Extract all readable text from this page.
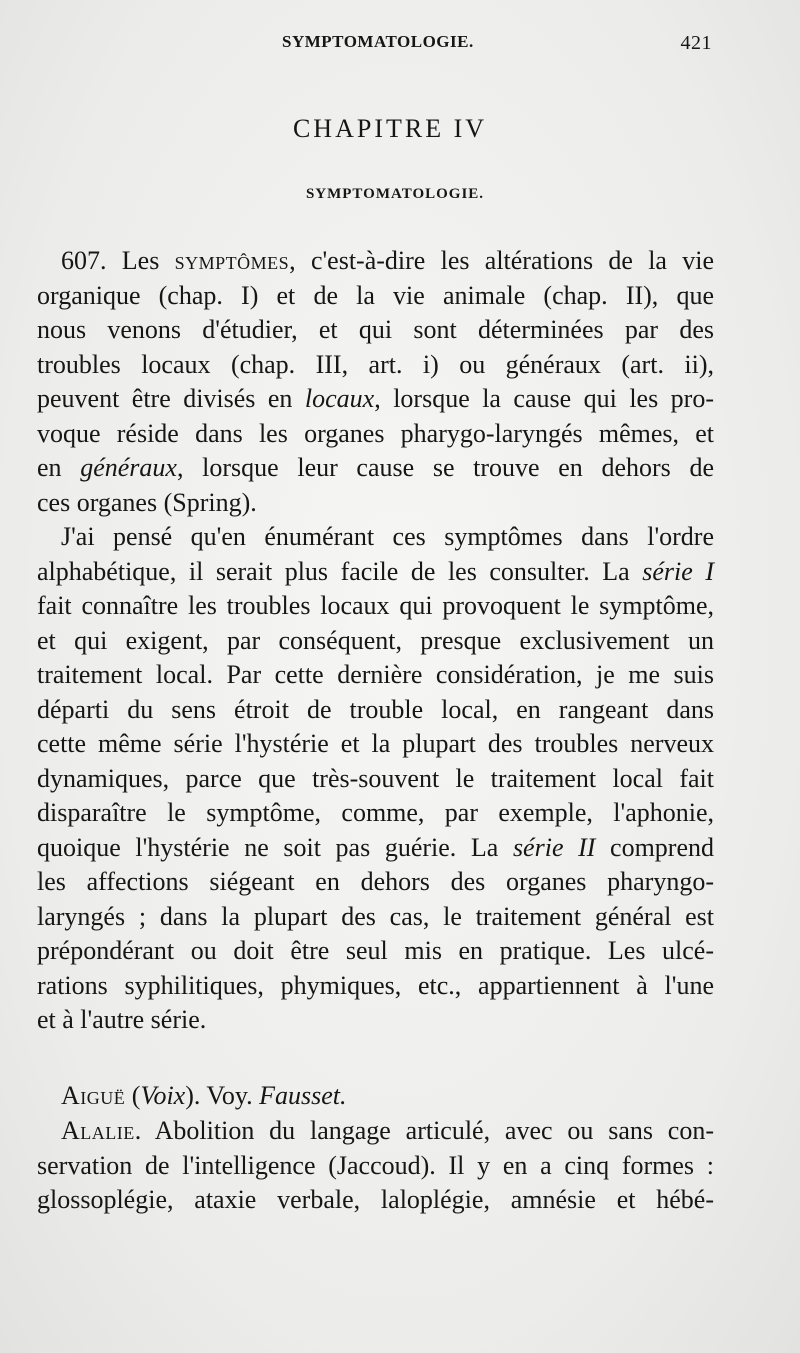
SYMPTOMATOLOGIE.	421
CHAPITRE IV
SYMPTOMATOLOGIE.
607. Les symptômes, c'est-à-dire les altérations de la vie
organique (chap. I) et de la vie animale (chap. II), que
nous venons d'étudier, et qui sont déterminées par des
troubles locaux (chap. III, art. i) ou généraux (art. ii),
peuvent être divisés en locaux, lorsque la cause qui les pro-
voque réside dans les organes pharygo-laryngés mêmes, et
en généraux, lorsque leur cause se trouve en dehors de
ces organes (Spring).
J'ai pensé qu'en énumérant ces symptômes dans l'ordre
alphabétique, il serait plus facile de les consulter. La série I
fait connaître les troubles locaux qui provoquent le symptôme,
et qui exigent, par conséquent, presque exclusivement un
traitement local. Par cette dernière considération, je me suis
départi du sens étroit de trouble local, en rangeant dans
cette même série l'hystérie et la plupart des troubles nerveux
dynamiques, parce que très-souvent le traitement local fait
disparaître le symptôme, comme, par exemple, l'aphonie,
quoique l'hystérie ne soit pas guérie. La série II comprend
les affections siégeant en dehors des organes pharyngo-
laryngés ; dans la plupart des cas, le traitement général est
prépondérant ou doit être seul mis en pratique. Les ulcé-
rations syphilitiques, phymiques, etc., appartiennent à l'une
et à l'autre série.
Aiguë (Voix). Voy. Fausset.
Alalie. Abolition du langage articulé, avec ou sans con-
servation de l'intelligence (Jaccoud). Il y en a cinq formes :
glossoplégie, ataxie verbale, laloplégie, amnésie et hébé-
